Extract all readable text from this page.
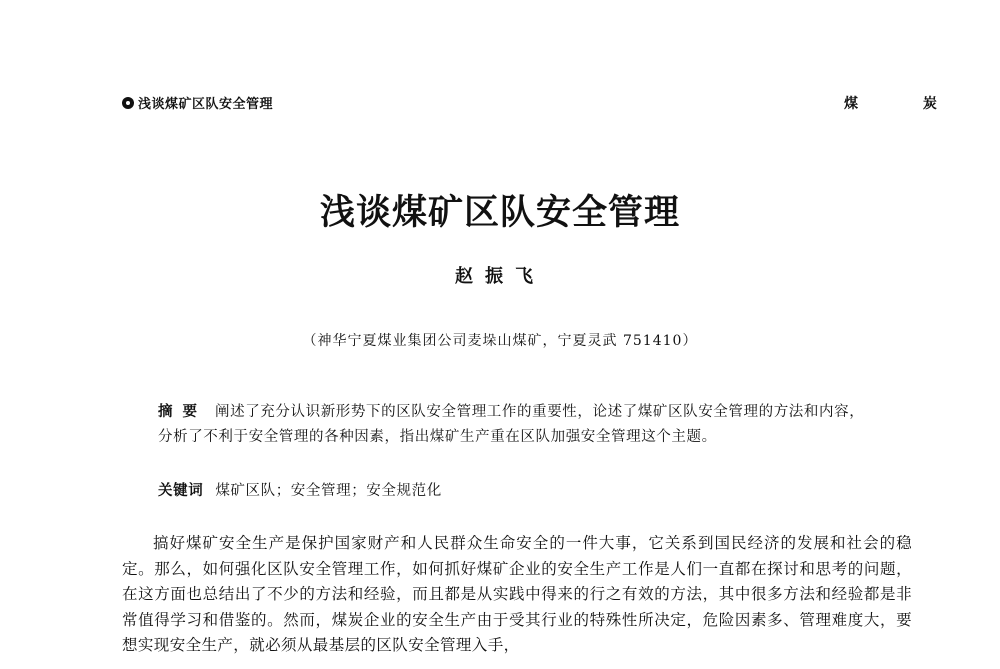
浅谈煤矿区队安全管理	煤 炭
浅谈煤矿区队安全管理
赵振飞
（神华宁夏煤业集团公司麦垛山煤矿，宁夏灵武 751410）
摘要 阐述了充分认识新形势下的区队安全管理工作的重要性，论述了煤矿区队安全管理的方法和内容，分析了不利于安全管理的各种因素，指出煤矿生产重在区队加强安全管理这个主题。
关键词 煤矿区队；安全管理；安全规范化
搞好煤矿安全生产是保护国家财产和人民群众生命安全的一件大事，它关系到国民经济的发展和社会的稳定。那么，如何强化区队安全管理工作，如何抓好煤矿企业的安全生产工作是人们一直都在探讨和思考的问题，在这方面也总结出了不少的方法和经验，而且都是从实践中得来的行之有效的方法，其中很多方法和经验都是非常值得学习和借鉴的。然而，煤炭企业的安全生产由于受其行业的特殊性所决定，危险因素多、管理难度大，要想实现安全生产，就必须从最基层的区队安全管理入手，
